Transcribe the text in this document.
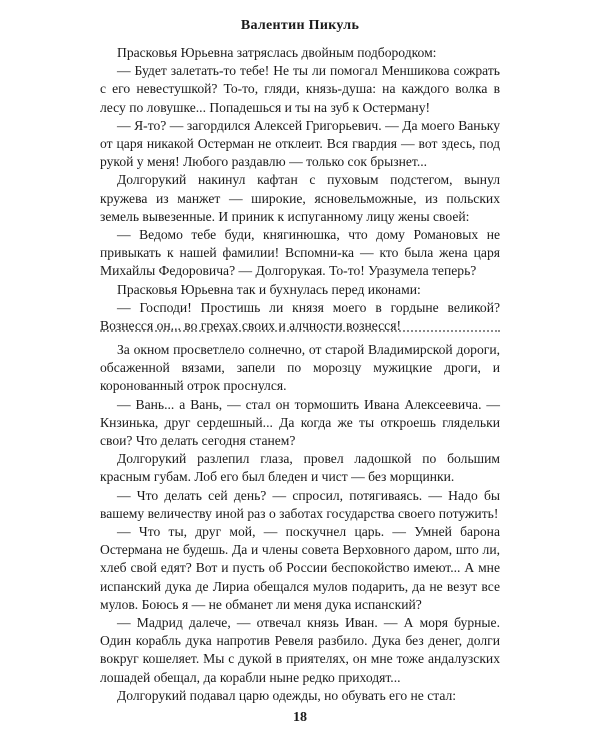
Валентин Пикуль

Прасковья Юрьевна затряслась двойным подбородком:

— Будет залетать-то тебе! Не ты ли помогал Меншикова сожрать с его невестушкой? То-то, гляди, князь-душа: на каждого волка в лесу по ловушке... Попадешься и ты на зуб к Остерману!

— Я-то? — загордился Алексей Григорьевич. — Да моего Ваньку от царя никакой Остерман не отклеит. Вся гвардия — вот здесь, под рукой у меня! Любого раздавлю — только сок брызнет...

Долгорукий накинул кафтан с пуховым подстегом, вынул кружева из манжет — широкие, ясновельможные, из польских земель вывезенные. И приник к испуганному лицу жены своей:

— Ведомо тебе буди, княгинюшка, что дому Романовых не привыкать к нашей фамилии! Вспомни-ка — кто была жена царя Михайлы Федоровича? — Долгорукая. То-то! Уразумела теперь?

Прасковья Юрьевна так и бухнулась перед иконами:

— Господи! Простишь ли князя моего в гордыне великой? Вознесся он... во грехах своих и алчности вознесся!

За окном просветлело солнечно, от старой Владимирской дороги, обсаженной вязами, запели по морозцу мужицкие дроги, и коронованный отрок проснулся.

— Вань... а Вань, — стал он тормошить Ивана Алексеевича. — Кнзинька, друг сердешный... Да когда же ты откроешь глядельки свои? Что делать сегодня станем?

Долгорукий разлепил глаза, провел ладошкой по большим красным губам. Лоб его был бледен и чист — без морщинки.

— Что делать сей день? — спросил, потягиваясь. — Надо бы вашему величеству иной раз о заботах государства своего потужить!

— Что ты, друг мой, — поскучнел царь. — Умней барона Остермана не будешь. Да и члены совета Верховного даром, што ли, хлеб свой едят? Вот и пусть об России беспокойство имеют... А мне испанский дука де Лириа обещался мулов подарить, да не везут все мулов. Боюсь я — не обманет ли меня дука испанский?

— Мадрид далече, — отвечал князь Иван. — А моря бурные. Один корабль дука напротив Ревеля разбило. Дука без денег, долги вокруг кошеляет. Мы с дукой в приятелях, он мне тоже андалузских лошадей обещал, да корабли ныне редко приходят...

Долгорукий подавал царю одежды, но обувать его не стал:

18
